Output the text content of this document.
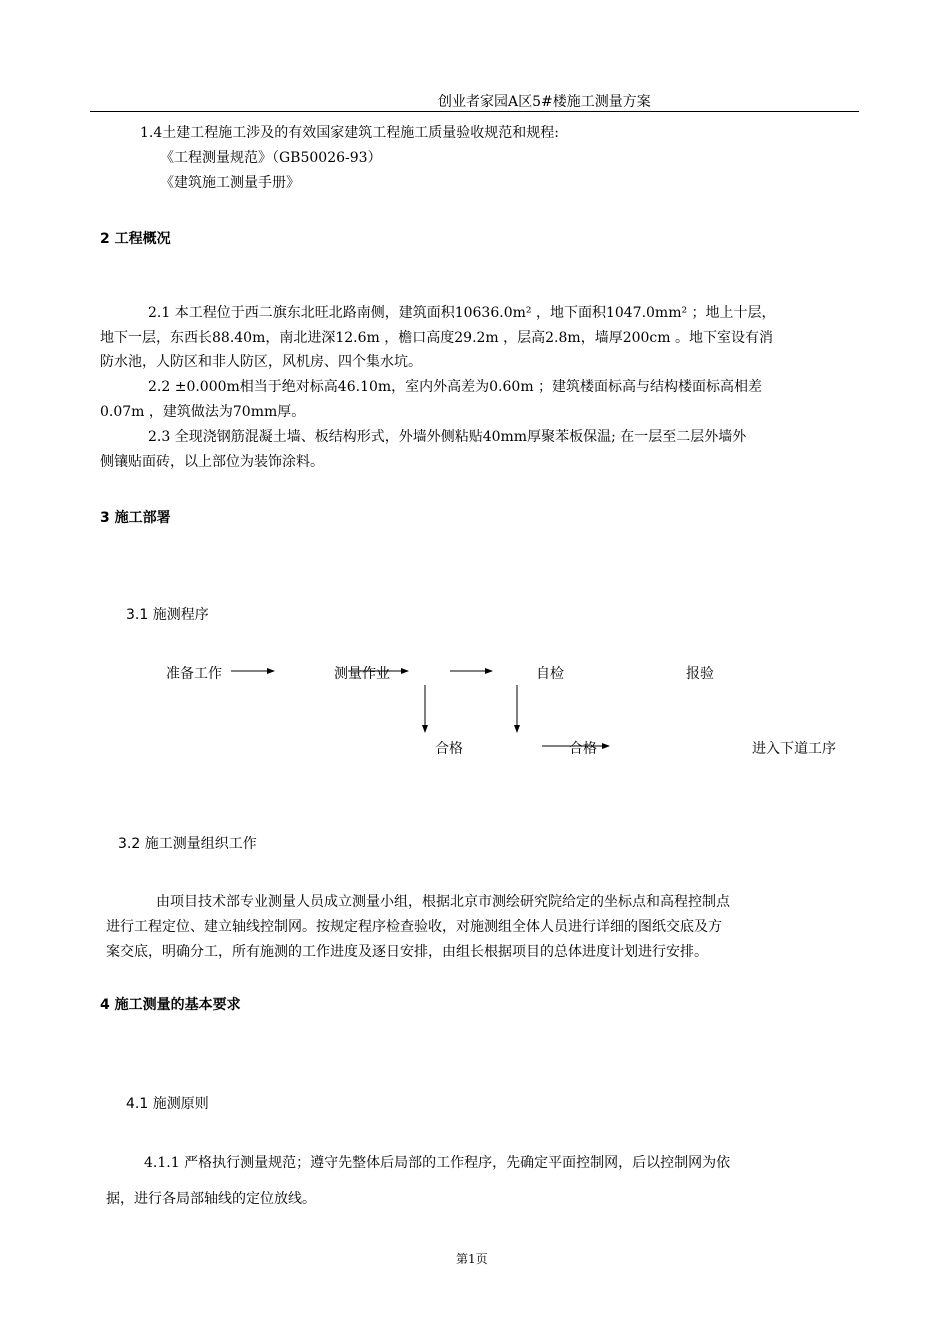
创业者家园A区5#楼施工测量方案
1.4土建工程施工涉及的有效国家建筑工程施工质量验收规范和规程:
《工程测量规范》（GB50026-93）
《建筑施工测量手册》
2 工程概况
2.1 本工程位于西二旗东北旺北路南侧，建筑面积10636.0m² ，地下面积1047.0mm² ；地上十层，
地下一层，东西长88.40m，南北进深12.6m ，檐口高度29.2m ，层高2.8m，墙厚200cm 。地下室设有消
防水池，人防区和非人防区，风机房、四个集水坑。
2.2 ±0.000m相当于绝对标高46.10m，室内外高差为0.60m ；建筑楼面标高与结构楼面标高相差
0.07m ，建筑做法为70mm厚。
2.3 全现浇钢筋混凝土墙、板结构形式，外墙外侧粘贴40mm厚聚苯板保温; 在一层至二层外墙外
侧镶贴面砖，以上部位为装饰涂料。
3 施工部署
3.1 施测程序
准备工作	测量作业	自检	报验
合格	合格	进入下道工序
3.2 施工测量组织工作
由项目技术部专业测量人员成立测量小组，根据北京市测绘研究院给定的坐标点和高程控制点
进行工程定位、建立轴线控制网。按规定程序检查验收，对施测组全体人员进行详细的图纸交底及方
案交底，明确分工，所有施测的工作进度及逐日安排，由组长根据项目的总体进度计划进行安排。
4 施工测量的基本要求
4.1 施测原则
4.1.1 严格执行测量规范；遵守先整体后局部的工作程序，先确定平面控制网，后以控制网为依
据，进行各局部轴线的定位放线。
第1页
